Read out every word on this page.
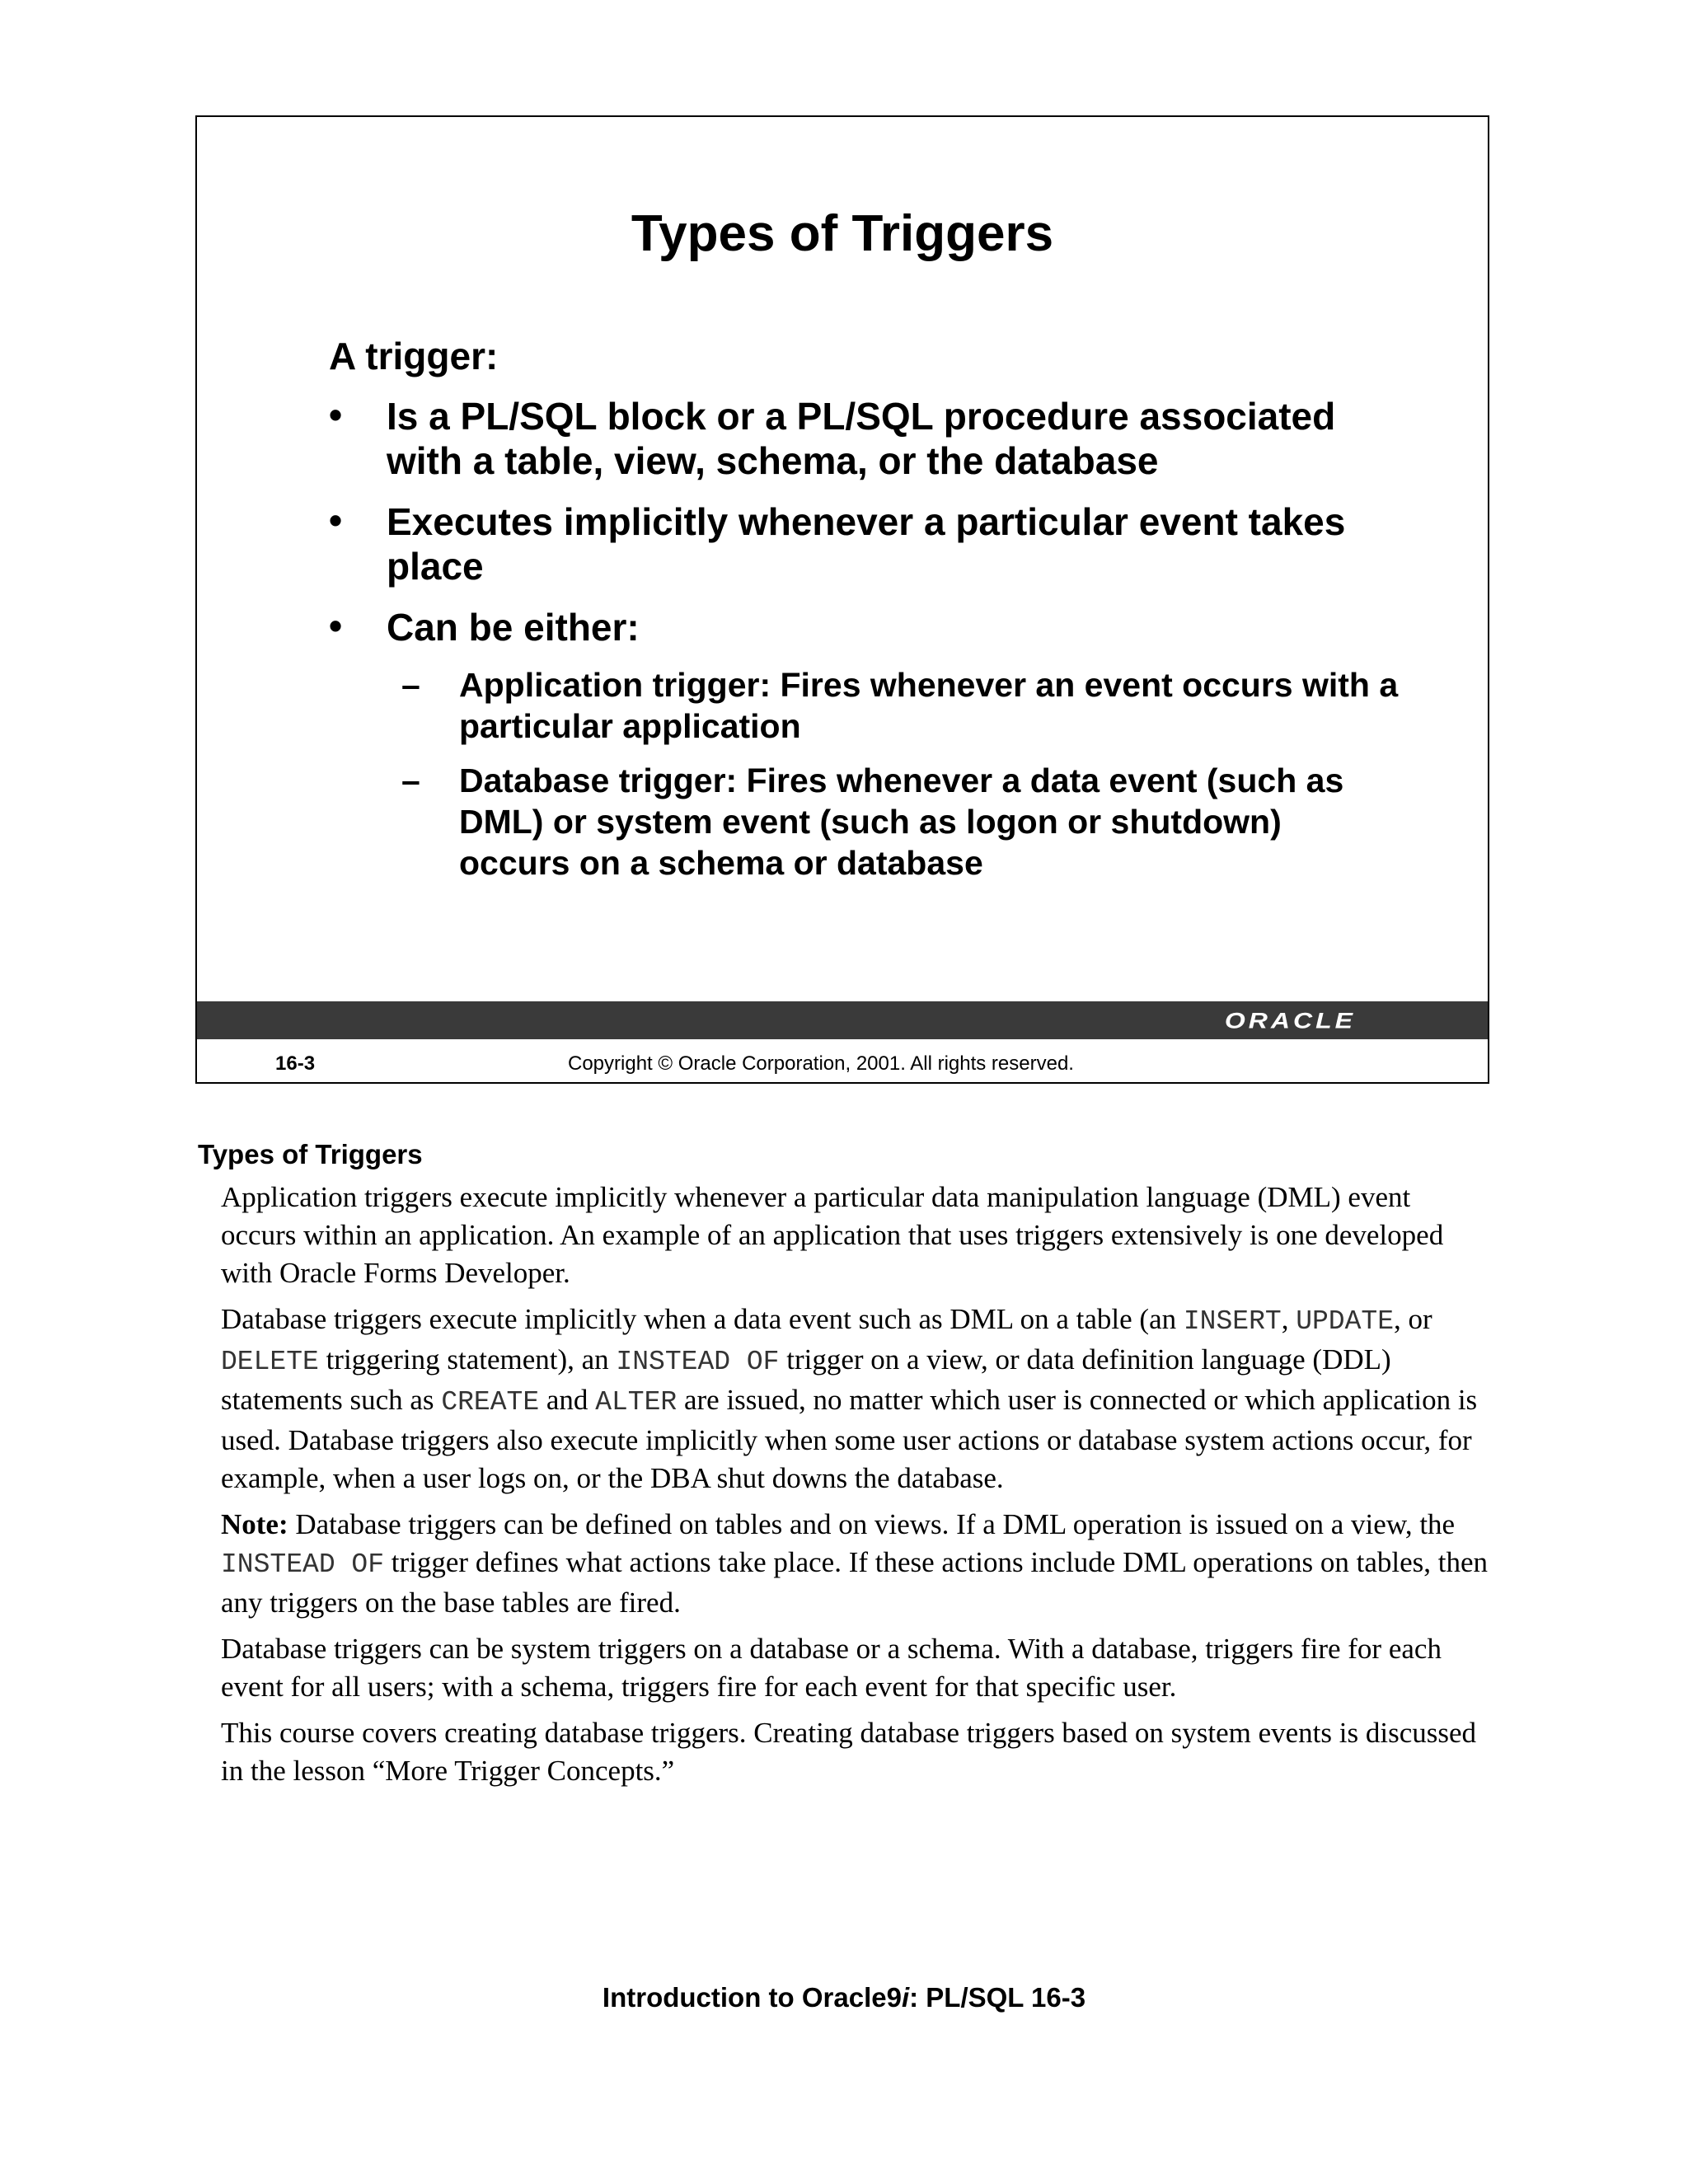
Types of Triggers
A trigger:
• Is a PL/SQL block or a PL/SQL procedure associated with a table, view, schema, or the database
• Executes implicitly whenever a particular event takes place
• Can be either:
– Application trigger: Fires whenever an event occurs with a particular application
– Database trigger: Fires whenever a data event (such as DML) or system event (such as logon or shutdown) occurs on a schema or database
ORACLE
16-3	Copyright © Oracle Corporation, 2001. All rights reserved.
Types of Triggers

Application triggers execute implicitly whenever a particular data manipulation language (DML) event occurs within an application. An example of an application that uses triggers extensively is one developed with Oracle Forms Developer.

Database triggers execute implicitly when a data event such as DML on a table (an INSERT, UPDATE, or DELETE triggering statement), an INSTEAD OF trigger on a view, or data definition language (DDL) statements such as CREATE and ALTER are issued, no matter which user is connected or which application is used. Database triggers also execute implicitly when some user actions or database system actions occur, for example, when a user logs on, or the DBA shut downs the database.

Note: Database triggers can be defined on tables and on views. If a DML operation is issued on a view, the INSTEAD OF trigger defines what actions take place. If these actions include DML operations on tables, then any triggers on the base tables are fired.

Database triggers can be system triggers on a database or a schema. With a database, triggers fire for each event for all users; with a schema, triggers fire for each event for that specific user.

This course covers creating database triggers. Creating database triggers based on system events is discussed in the lesson “More Trigger Concepts.”

Introduction to Oracle9i: PL/SQL 16-3
